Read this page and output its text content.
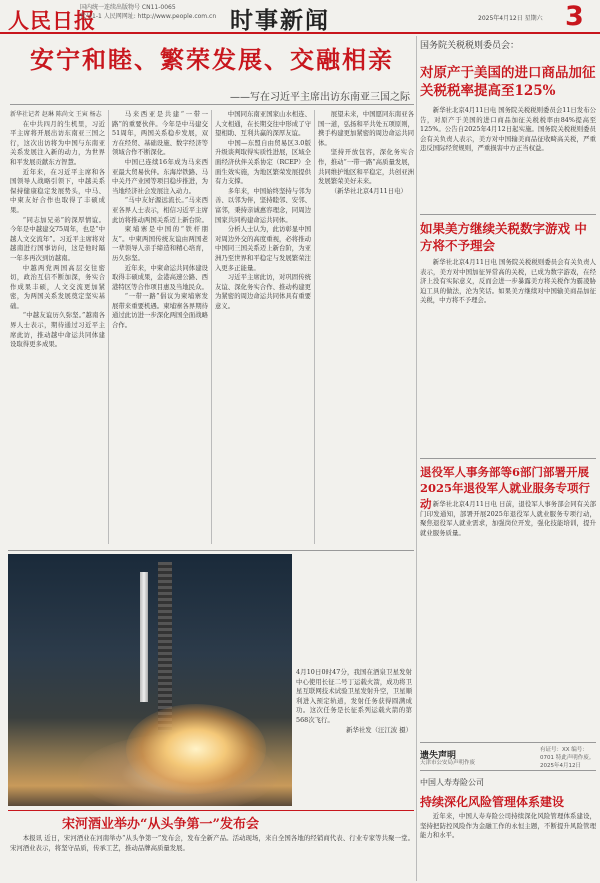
人民日报
国内统一连续出版物号 CN11-0065
代号1-1 人民网网址: http://www.people.com.cn 时事新闻	2025年4月12日 星期六 3
安宁和睦、繁荣发展、交融相亲
——写在习近平主席出访东南亚三国之际
新华社记者 赵琳 陈尚文 王寅 杨志

在中共四月的生机里，习近平主席将开展出访东南亚三国之行，这次出访将为中国与东南亚关系发展注入新的动力，为世界和平发展贡献东方智慧。

近年来，在习近平主席和各国领导人战略引领下，中越关系保持健康稳定发展势头，中马、中柬友好合作也取得了丰硕成果。

“同志加兄弟”的深厚情谊。今年是中越建交75周年，也是“中越人文交流年”。习近平主席将对越南进行国事访问，这是他时隔一年多再次到访越南。

中越两党两国高层交往密切，政治互信不断加深，务实合作成果丰硕，人文交流更加紧密，为两国关系发展奠定坚实基础。

“中越友谊历久弥坚。”越南各界人士表示，期待通过习近平主席此访，推动越中命运共同体建设取得更多成果。

马来西亚是共建“一带一路”的重要伙伴。今年是中马建交51周年，两国关系稳步发展，双方在经贸、基础设施、数字经济等领域合作不断深化。

中国已连续16年成为马来西亚最大贸易伙伴。东海岸铁路、马中关丹产业园等项目稳步推进，为当地经济社会发展注入动力。

“马中友好源远流长。”马来西亚各界人士表示，相信习近平主席此访将推动两国关系迈上新台阶。

柬埔寨是中国的“铁杆朋友”。中柬两国传统友谊由两国老一辈领导人亲手缔造和精心培育，历久弥坚。

近年来，中柬命运共同体建设取得丰硕成果，金港高速公路、西港特区等合作项目惠及当地民众。

“一带一路”倡议为柬埔寨发展带来重要机遇。柬埔寨各界期待通过此访进一步深化两国全面战略合作。

中国同东南亚国家山水相连、人文相通，在长期交往中形成了守望相助、互利共赢的深厚友谊。

中国—东盟自由贸易区3.0版升级谈判取得实质性进展，区域全面经济伙伴关系协定（RCEP）全面生效实施，为地区繁荣发展提供有力支撑。

多年来，中国始终坚持与邻为善、以邻为伴，坚持睦邻、安邻、富邻，秉持亲诚惠容理念，同周边国家共同构建命运共同体。

分析人士认为，此访彰显中国对周边外交的高度重视，必将推动中国同三国关系迈上新台阶，为亚洲乃至世界和平稳定与发展繁荣注入更多正能量。

习近平主席此访，对巩固传统友谊、深化务实合作、推动构建更为紧密的周边命运共同体具有重要意义。

展望未来，中国愿同东南亚各国一道，弘扬和平共处五项原则，携手构建更加紧密的周边命运共同体。

坚持开放包容，深化务实合作，推动“一带一路”高质量发展，共同维护地区和平稳定，共创亚洲发展繁荣美好未来。

（新华社北京4月11日电）

4月10日0时47分，我国在酒泉卫星发射中心使用长征二号丁运载火箭，成功将卫星互联网技术试验卫星发射升空，卫星顺利进入预定轨道，发射任务获得圆满成功。这次任务是长征系列运载火箭的第568次飞行。

新华社发（汪江波 摄）

宋河酒业举办“从头争第一”发布会

本报讯 近日，宋河酒业在河南举办“从头争第一”发布会，发布全新产品。活动现场，来自全国各地的经销商代表、行业专家等共聚一堂。宋河酒业表示，将坚守品质，传承工艺，推动品牌高质量发展。

国务院关税税则委员会：
对原产于美国的进口商品加征关税税率提高至125%

新华社北京4月11日电 国务院关税税则委员会11日发布公告，对原产于美国的进口商品加征关税税率由84%提高至125%。公告自2025年4月12日起实施。国务院关税税则委员会有关负责人表示，美方对中国输美商品征收畸高关税，严重违反国际经贸规则，严重损害中方正当权益。

如果美方继续关税数字游戏 中方将不予理会

新华社北京4月11日电 国务院关税税则委员会有关负责人表示，美方对中国加征异常高的关税，已成为数字游戏，在经济上没有实际意义，反而会进一步暴露美方将关税作为霸凌胁迫工具的做法，沦为笑话。如果美方继续对中国输美商品加征关税，中方将不予理会。

退役军人事务部等6部门部署开展2025年退役军人就业服务专项行动 新华社北京4月11日电 日前，退役军人事务部会同有关部门印发通知，部署开展2025年退役军人就业服务专项行动，聚焦退役军人就业需求，加强岗位开发，强化技能培训，提升就业服务质量。

遗失声明
天津市公安局声明作废
有证号：XX 编号：0701 特此声明作废。2025年4月12日
中国人寿寿险公司
持续深化风险管理体系建设

近年来，中国人寿寿险公司持续深化风险管理体系建设，坚持把防控风险作为金融工作的永恒主题，不断提升风险管理能力和水平。
